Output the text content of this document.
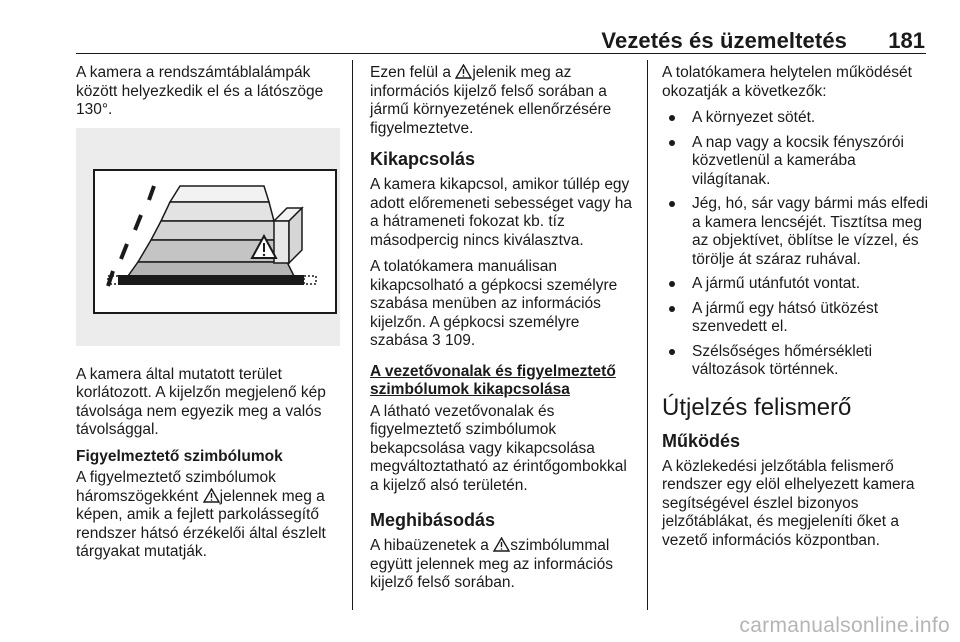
Vezetés és üzemeltetés 181

A kamera a rendszámtáblalámpák között helyezkedik el és a látószöge 130°.

A kamera által mutatott terület korlátozott. A kijelzőn megjelenő kép távolsága nem egyezik meg a valós távolsággal.

Figyelmeztető szimbólumok

A figyelmeztető szimbólumok háromszögekként
jelennek meg a képen, amik a fejlett parkolássegítő rendszer hátsó érzékelői által észlelt tárgyakat mutatják.

Ezen felül a
jelenik meg az információs kijelző felső sorában a jármű környezetének ellenőrzésére figyelmeztetve.

Kikapcsolás

A kamera kikapcsol, amikor túllép egy adott előremeneti sebességet vagy ha a hátrameneti fokozat kb. tíz másodpercig nincs kiválasztva.

A tolatókamera manuálisan kikapcsolható a gépkocsi személyre szabása menüben az információs kijelzőn. A gépkocsi személyre szabása 3 109.

A vezetővonalak és figyelmeztető szimbólumok kikapcsolása

A látható vezetővonalak és figyelmeztető szimbólumok bekapcsolása vagy kikapcsolása megváltoztatható az érintőgombokkal a kijelző alsó területén.

Meghibásodás

A hibaüzenetek a
szimbólummal együtt jelennek meg az információs kijelző felső sorában.

A tolatókamera helytelen működését okozatják a következők:

A környezet sötét.
A nap vagy a kocsik fényszórói közvetlenül a kamerába világítanak.
Jég, hó, sár vagy bármi más elfedi a kamera lencséjét. Tisztítsa meg az objektívet, öblítse le vízzel, és törölje át száraz ruhával.
A jármű utánfutót vontat.
A jármű egy hátsó ütközést szenvedett el.
Szélsőséges hőmérsékleti változások történnek.
Útjelzés felismerő
Működés

A közlekedési jelzőtábla felismerő rendszer egy elöl elhelyezett kamera segítségével észlel bizonyos jelzőtáblákat, és megjeleníti őket a vezető információs központban.

carmanualsonline.info
